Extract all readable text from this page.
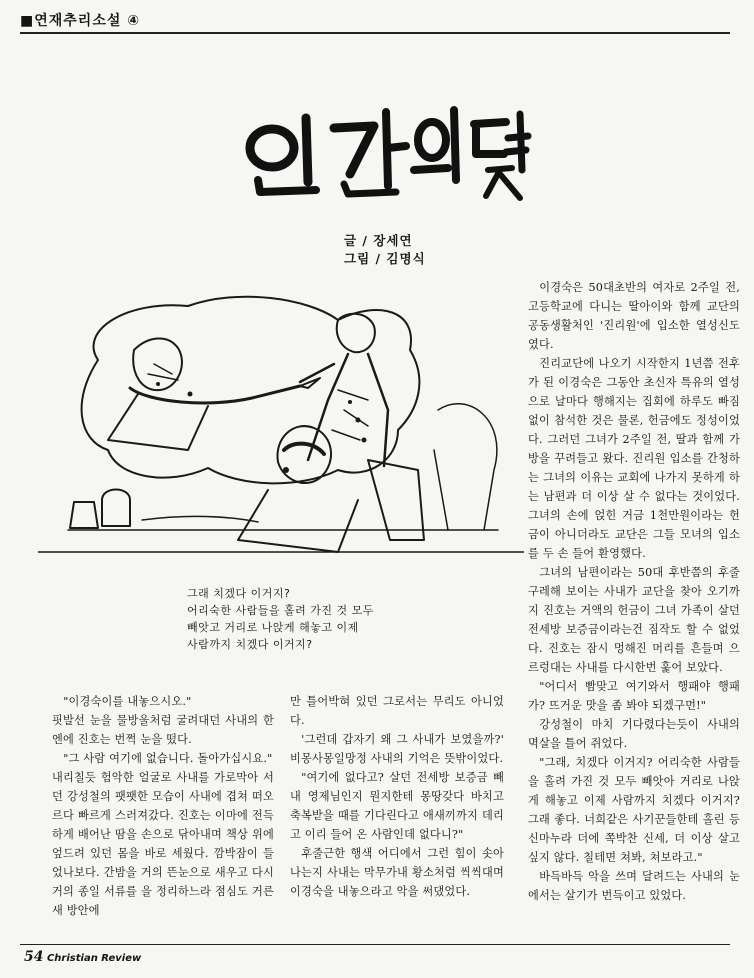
■연재추리소설 ④
글 / 장세연
그림 / 김명식
그래 치겠다 이거지?
어리숙한 사람들을 홀려 가진 것 모두
빼앗고 거리로 나앉게 해놓고 이제
사람까지 치겠다 이거지?

"이경숙이를 내놓으시오."

핏발선 눈을 물방울처럼 굴려대던 사내의 한엔에 진호는 번쩍 눈을 떴다.

"그 사람 여기에 없습니다. 돌아가십시요."

내리칠듯 험악한 얼굴로 사내를 가로막아 서던 강성철의 팻팻한 모습이 사내에 겹쳐 떠오르다 빠르게 스러져갔다. 진호는 이마에 전득하게 배어난 땀을 손으로 닦아내며 책상 위에 엎드려 있던 몸을 바로 세웠다. 깜박잠이 들었나보다. 간밤을 거의 뜬눈으로 새우고 다시 거의 종일 서류를 을 정리하느라 점심도 거른새 방안에

만 틀어박혀 있던 그로서는 무리도 아니었다.

'그런데 갑자기 왜 그 사내가 보였을까?' 비몽사몽일망정 사내의 기억은 뜻밖이었다.

"여기에 없다고? 살던 전세방 보증금 빼내 영제님인지 뭔지한테 몽땅갖다 바치고 축복받을 때를 기다린다고 애새끼까지 데리고 이리 들어 온 사람인데 없다니?"

후줄근한 행색 어디에서 그런 힘이 솟아 나는지 사내는 막무가내 황소처럼 씩씩대며 이경숙을 내놓으라고 악을 써댔었다.

이경숙은 50대초반의 여자로 2주일 전, 고등학교에 다니는 딸아이와 함께 교단의 공동생활처인 '진리원'에 입소한 열성신도였다.

진리교단에 나오기 시작한지 1년쯤 전후가 된 이경숙은 그동안 초신자 특유의 열성으로 날마다 행해지는 집회에 하루도 빠짐없이 참석한 것은 물론, 헌금에도 정성이었다. 그러던 그녀가 2주일 전, 딸과 함께 가방을 꾸려들고 왔다. 진리원 입소를 간청하는 그녀의 이유는 교회에 나가지 못하게 하는 남편과 더 이상 살 수 없다는 것이었다. 그녀의 손에 얹힌 거금 1천만원이라는 헌금이 아니더라도 교단은 그들 모녀의 입소를 두 손 들어 환영했다.

그녀의 남편이라는 50대 후반쯤의 후줄구레해 보이는 사내가 교단을 찾아 오기까지 진호는 거액의 헌금이 그녀 가족이 살던 전세방 보증금이라는건 짐작도 할 수 없었다. 진호는 잠시 멍해진 머리를 흔들며 으르렁대는 사내를 다시한번 훑어 보았다.

"어디서 빰맞고 여기와서 행패야 행패가? 뜨거운 맛을 좀 봐야 되겠구먼!"

강성철이 마치 기다렸다는듯이 사내의 멱살을 틀어 쥐었다.

"그래, 치겠다 이거지? 어리숙한 사람들을 홀려 가진 것 모두 빼앗아 거리로 나앉게 해놓고 이제 사람까지 치겠다 이거지? 그래 좋다. 너희같은 사기꾼들한테 홀린 등신마누라 더에 쪽박찬 신세, 더 이상 살고 싶지 않다. 칠테면 쳐봐, 쳐보라고."

바득바득 악을 쓰며 달려드는 사내의 눈에서는 살기가 번득이고 있었다.

54 Christian Review
